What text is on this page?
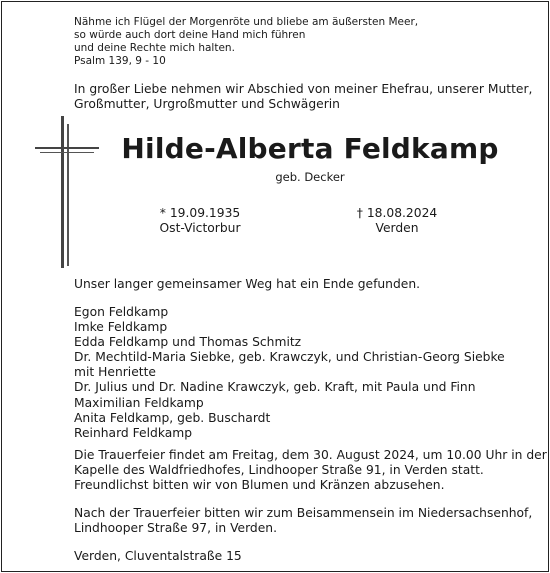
Nähme ich Flügel der Morgenröte und bliebe am äußersten Meer,
so würde auch dort deine Hand mich führen
und deine Rechte mich halten.
Psalm 139, 9 - 10
In großer Liebe nehmen wir Abschied von meiner Ehefrau, unserer Mutter,
Großmutter, Urgroßmutter und Schwägerin
Hilde-Alberta Feldkamp
geb. Decker
* 19.09.1935
Ost-Victorbur
† 18.08.2024
Verden
Unser langer gemeinsamer Weg hat ein Ende gefunden.
Egon Feldkamp
Imke Feldkamp
Edda Feldkamp und Thomas Schmitz
Dr. Mechtild-Maria Siebke, geb. Krawczyk, und Christian-Georg Siebke
mit Henriette
Dr. Julius und Dr. Nadine Krawczyk, geb. Kraft, mit Paula und Finn
Maximilian Feldkamp
Anita Feldkamp, geb. Buschardt
Reinhard Feldkamp
Die Trauerfeier findet am Freitag, dem 30. August 2024, um 10.00 Uhr in der
Kapelle des Waldfriedhofes, Lindhooper Straße 91, in Verden statt.
Freundlichst bitten wir von Blumen und Kränzen abzusehen.
Nach der Trauerfeier bitten wir zum Beisammensein im Niedersachsenhof,
Lindhooper Straße 97, in Verden.
Verden, Cluventalstraße 15
